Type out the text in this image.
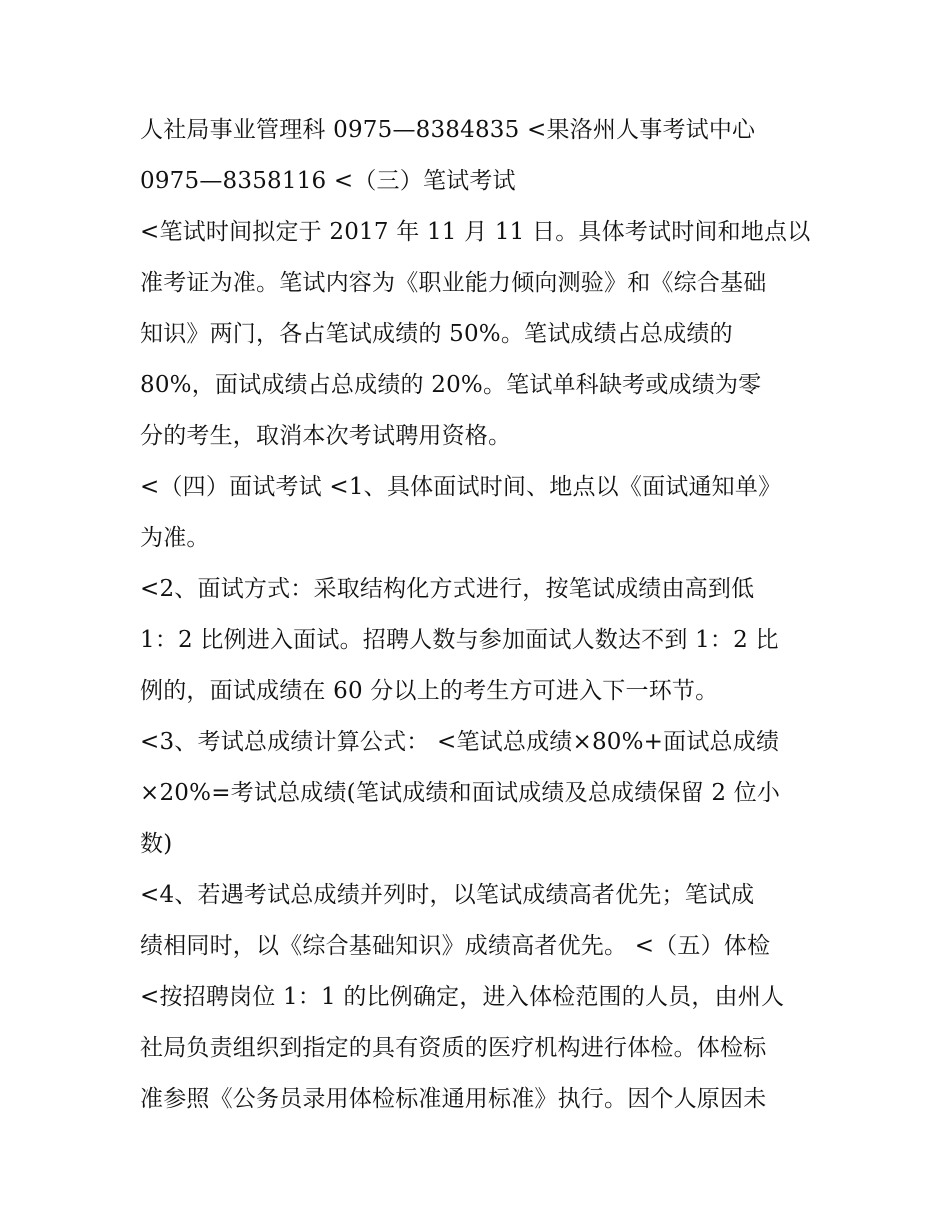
人社局事业管理科 0975—8384835 <果洛州人事考试中心
0975—8358116 <（三）笔试考试
<笔试时间拟定于 2017 年 11 月 11 日。具体考试时间和地点以
准考证为准。笔试内容为《职业能力倾向测验》和《综合基础
知识》两门，各占笔试成绩的 50%。笔试成绩占总成绩的
80%，面试成绩占总成绩的 20%。笔试单科缺考或成绩为零
分的考生，取消本次考试聘用资格。
<（四）面试考试 <1、具体面试时间、地点以《面试通知单》
为准。
<2、面试方式：采取结构化方式进行，按笔试成绩由高到低
1：2 比例进入面试。招聘人数与参加面试人数达不到 1：2 比
例的，面试成绩在 60 分以上的考生方可进入下一环节。
<3、考试总成绩计算公式： <笔试总成绩×80%+面试总成绩
×20%=考试总成绩(笔试成绩和面试成绩及总成绩保留 2 位小
数)
<4、若遇考试总成绩并列时，以笔试成绩高者优先；笔试成
绩相同时，以《综合基础知识》成绩高者优先。 <（五）体检
<按招聘岗位 1：1 的比例确定，进入体检范围的人员，由州人
社局负责组织到指定的具有资质的医疗机构进行体检。体检标
准参照《公务员录用体检标准通用标准》执行。因个人原因未
